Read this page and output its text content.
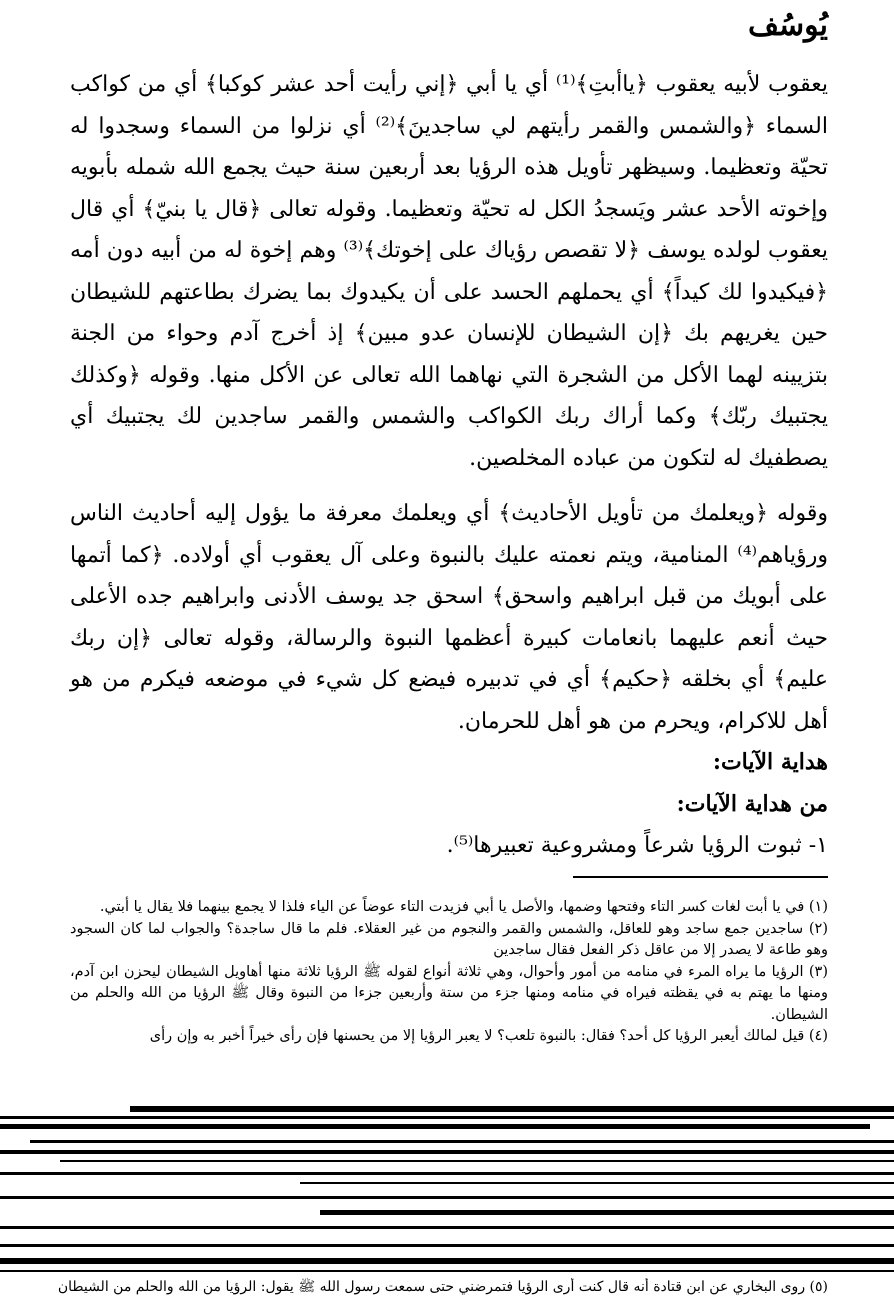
يُوسُف

يعقوب لأبيه يعقوب ﴿ياأبتِ﴾⁽¹⁾ أي يا أبي ﴿إني رأيت أحد عشر كوكبا﴾ أي من كواكب السماء ﴿والشمس والقمر رأيتهم لي ساجدينَ﴾⁽²⁾ أي نزلوا من السماء وسجدوا له تحيّة وتعظيما. وسيظهر تأويل هذه الرؤيا بعد أربعين سنة حيث يجمع الله شمله بأبويه وإخوته الأحد عشر ويَسجدُ الكل له تحيّة وتعظيما. وقوله تعالى ﴿قال يا بنيّ﴾ أي قال يعقوب لولده يوسف ﴿لا تقصص رؤياك على إخوتك﴾⁽³⁾ وهم إخوة له من أبيه دون أمه ﴿فيكيدوا لك كيداً﴾ أي يحملهم الحسد على أن يكيدوك بما يضرك بطاعتهم للشيطان حين يغريهم بك ﴿إن الشيطان للإنسان عدو مبين﴾ إذ أخرج آدم وحواء من الجنة بتزيينه لهما الأكل من الشجرة التي نهاهما الله تعالى عن الأكل منها. وقوله ﴿وكذلك يجتبيك ربّك﴾ وكما أراك ربك الكواكب والشمس والقمر ساجدين لك يجتبيك أي يصطفيك له لتكون من عباده المخلصين.

وقوله ﴿ويعلمك من تأويل الأحاديث﴾ أي ويعلمك معرفة ما يؤول إليه أحاديث الناس ورؤياهم⁽⁴⁾ المنامية، ويتم نعمته عليك بالنبوة وعلى آل يعقوب أي أولاده. ﴿كما أتمها على أبويك من قبل ابراهيم واسحق﴾ اسحق جد يوسف الأدنى وابراهيم جده الأعلى حيث أنعم عليهما بانعامات كبيرة أعظمها النبوة والرسالة، وقوله تعالى ﴿إن ربك عليم﴾ أي بخلقه ﴿حكيم﴾ أي في تدبيره فيضع كل شيء في موضعه فيكرم من هو أهل للاكرام، ويحرم من هو أهل للحرمان.

هداية الآيات:

من هداية الآيات:

١- ثبوت الرؤيا شرعاً ومشروعية تعبيرها⁽⁵⁾.

(١) في يا أبت لغات كسر التاء وفتحها وضمها، والأصل يا أبي فزيدت التاء عوضاً عن الياء فلذا لا يجمع بينهما فلا يقال يا أبتي.

(٢) ساجدين جمع ساجد وهو للعاقل، والشمس والقمر والنجوم من غير العقلاء. فلم ما قال ساجدة؟ والجواب لما كان السجود وهو طاعة لا يصدر إلا من عاقل ذكر الفعل فقال ساجدين

(٣) الرؤيا ما يراه المرء في منامه من أمور وأحوال، وهي ثلاثة أنواع لقوله ﷺ الرؤيا ثلاثة منها أهاويل الشيطان ليحزن ابن آدم، ومنها ما يهتم به في يقظته فيراه في منامه ومنها جزء من ستة وأربعين جزءا من النبوة وقال ﷺ الرؤيا من الله والحلم من الشيطان.

(٤) قيل لمالك أيعبر الرؤيا كل أحد؟ فقال: بالنبوة تلعب؟ لا يعبر الرؤيا إلا من يحسنها فإن رأى خيراً أخبر به وإن رأى

(٥) روى البخاري عن ابن قتادة أنه قال كنت أرى الرؤيا فتمرضني حتى سمعت رسول الله ﷺ يقول: الرؤيا من الله والحلم من الشيطان
